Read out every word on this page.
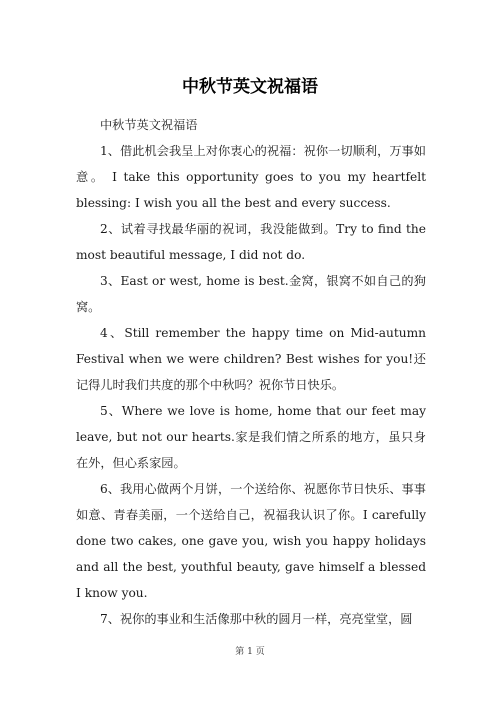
中秋节英文祝福语

中秋节英文祝福语

1、借此机会我呈上对你衷心的祝福：祝你一切顺利，万事如意。 I take this opportunity goes to you my heartfelt blessing: I wish you all the best and every success.

2、试着寻找最华丽的祝词，我没能做到。Try to find the most beautiful message, I did not do.

3、East or west, home is best.金窝，银窝不如自己的狗窝。

4、Still remember the happy time on Mid-autumn Festival when we were children? Best wishes for you!还记得儿时我们共度的那个中秋吗？祝你节日快乐。

5、Where we love is home, home that our feet may leave, but not our hearts.家是我们情之所系的地方，虽只身在外，但心系家园。

6、我用心做两个月饼，一个送给你、祝愿你节日快乐、事事如意、青春美丽，一个送给自己，祝福我认识了你。I carefully done two cakes, one gave you, wish you happy holidays and all the best, youthful beauty, gave himself a blessed I know you.

7、祝你的事业和生活像那中秋的圆月一样，亮亮堂堂，圆

第 1 页
